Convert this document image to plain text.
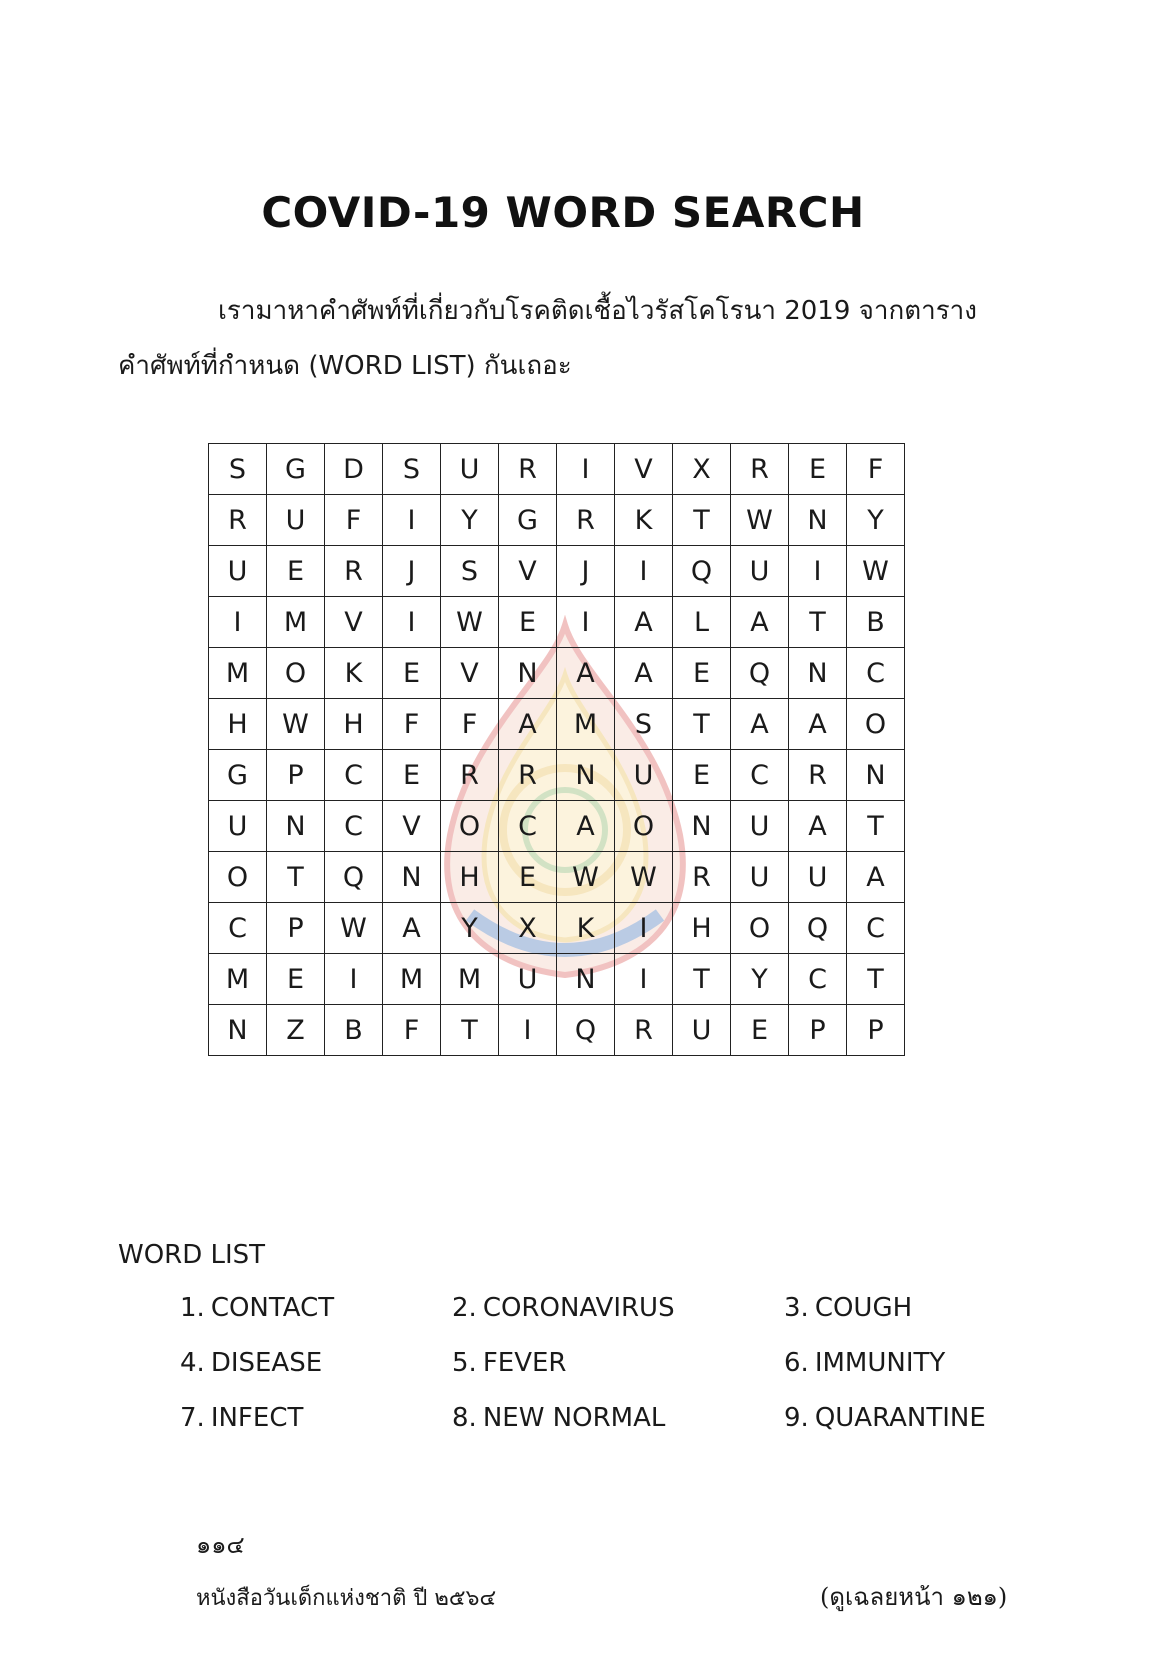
COVID-19 WORD SEARCH
เรามาหาคำศัพท์ที่เกี่ยวกับโรคติดเชื้อไวรัสโคโรนา 2019 จากตาราง
คำศัพท์ที่กำหนด (WORD LIST) กันเถอะ
S	G	D	S	U	R	I	V	X	R	E	F
R	U	F	I	Y	G	R	K	T	W	N	Y
U	E	R	J	S	V	J	I	Q	U	I	W
I	M	V	I	W	E	I	A	L	A	T	B
M	O	K	E	V	N	A	A	E	Q	N	C
H	W	H	F	F	A	M	S	T	A	A	O
G	P	C	E	R	R	N	U	E	C	R	N
U	N	C	V	O	C	A	O	N	U	A	T
O	T	Q	N	H	E	W	W	R	U	U	A
C	P	W	A	Y	X	K	I	H	O	Q	C
M	E	I	M	M	U	N	I	T	Y	C	T
N	Z	B	F	T	I	Q	R	U	E	P	P
WORD LIST
1. CONTACT	2. CORONAVIRUS	3. COUGH
4. DISEASE	5. FEVER	6. IMMUNITY
7. INFECT	8. NEW NORMAL	9. QUARANTINE
๑๑๔
หนังสือวันเด็กแห่งชาติ ปี ๒๕๖๔	(ดูเฉลยหน้า ๑๒๑)
